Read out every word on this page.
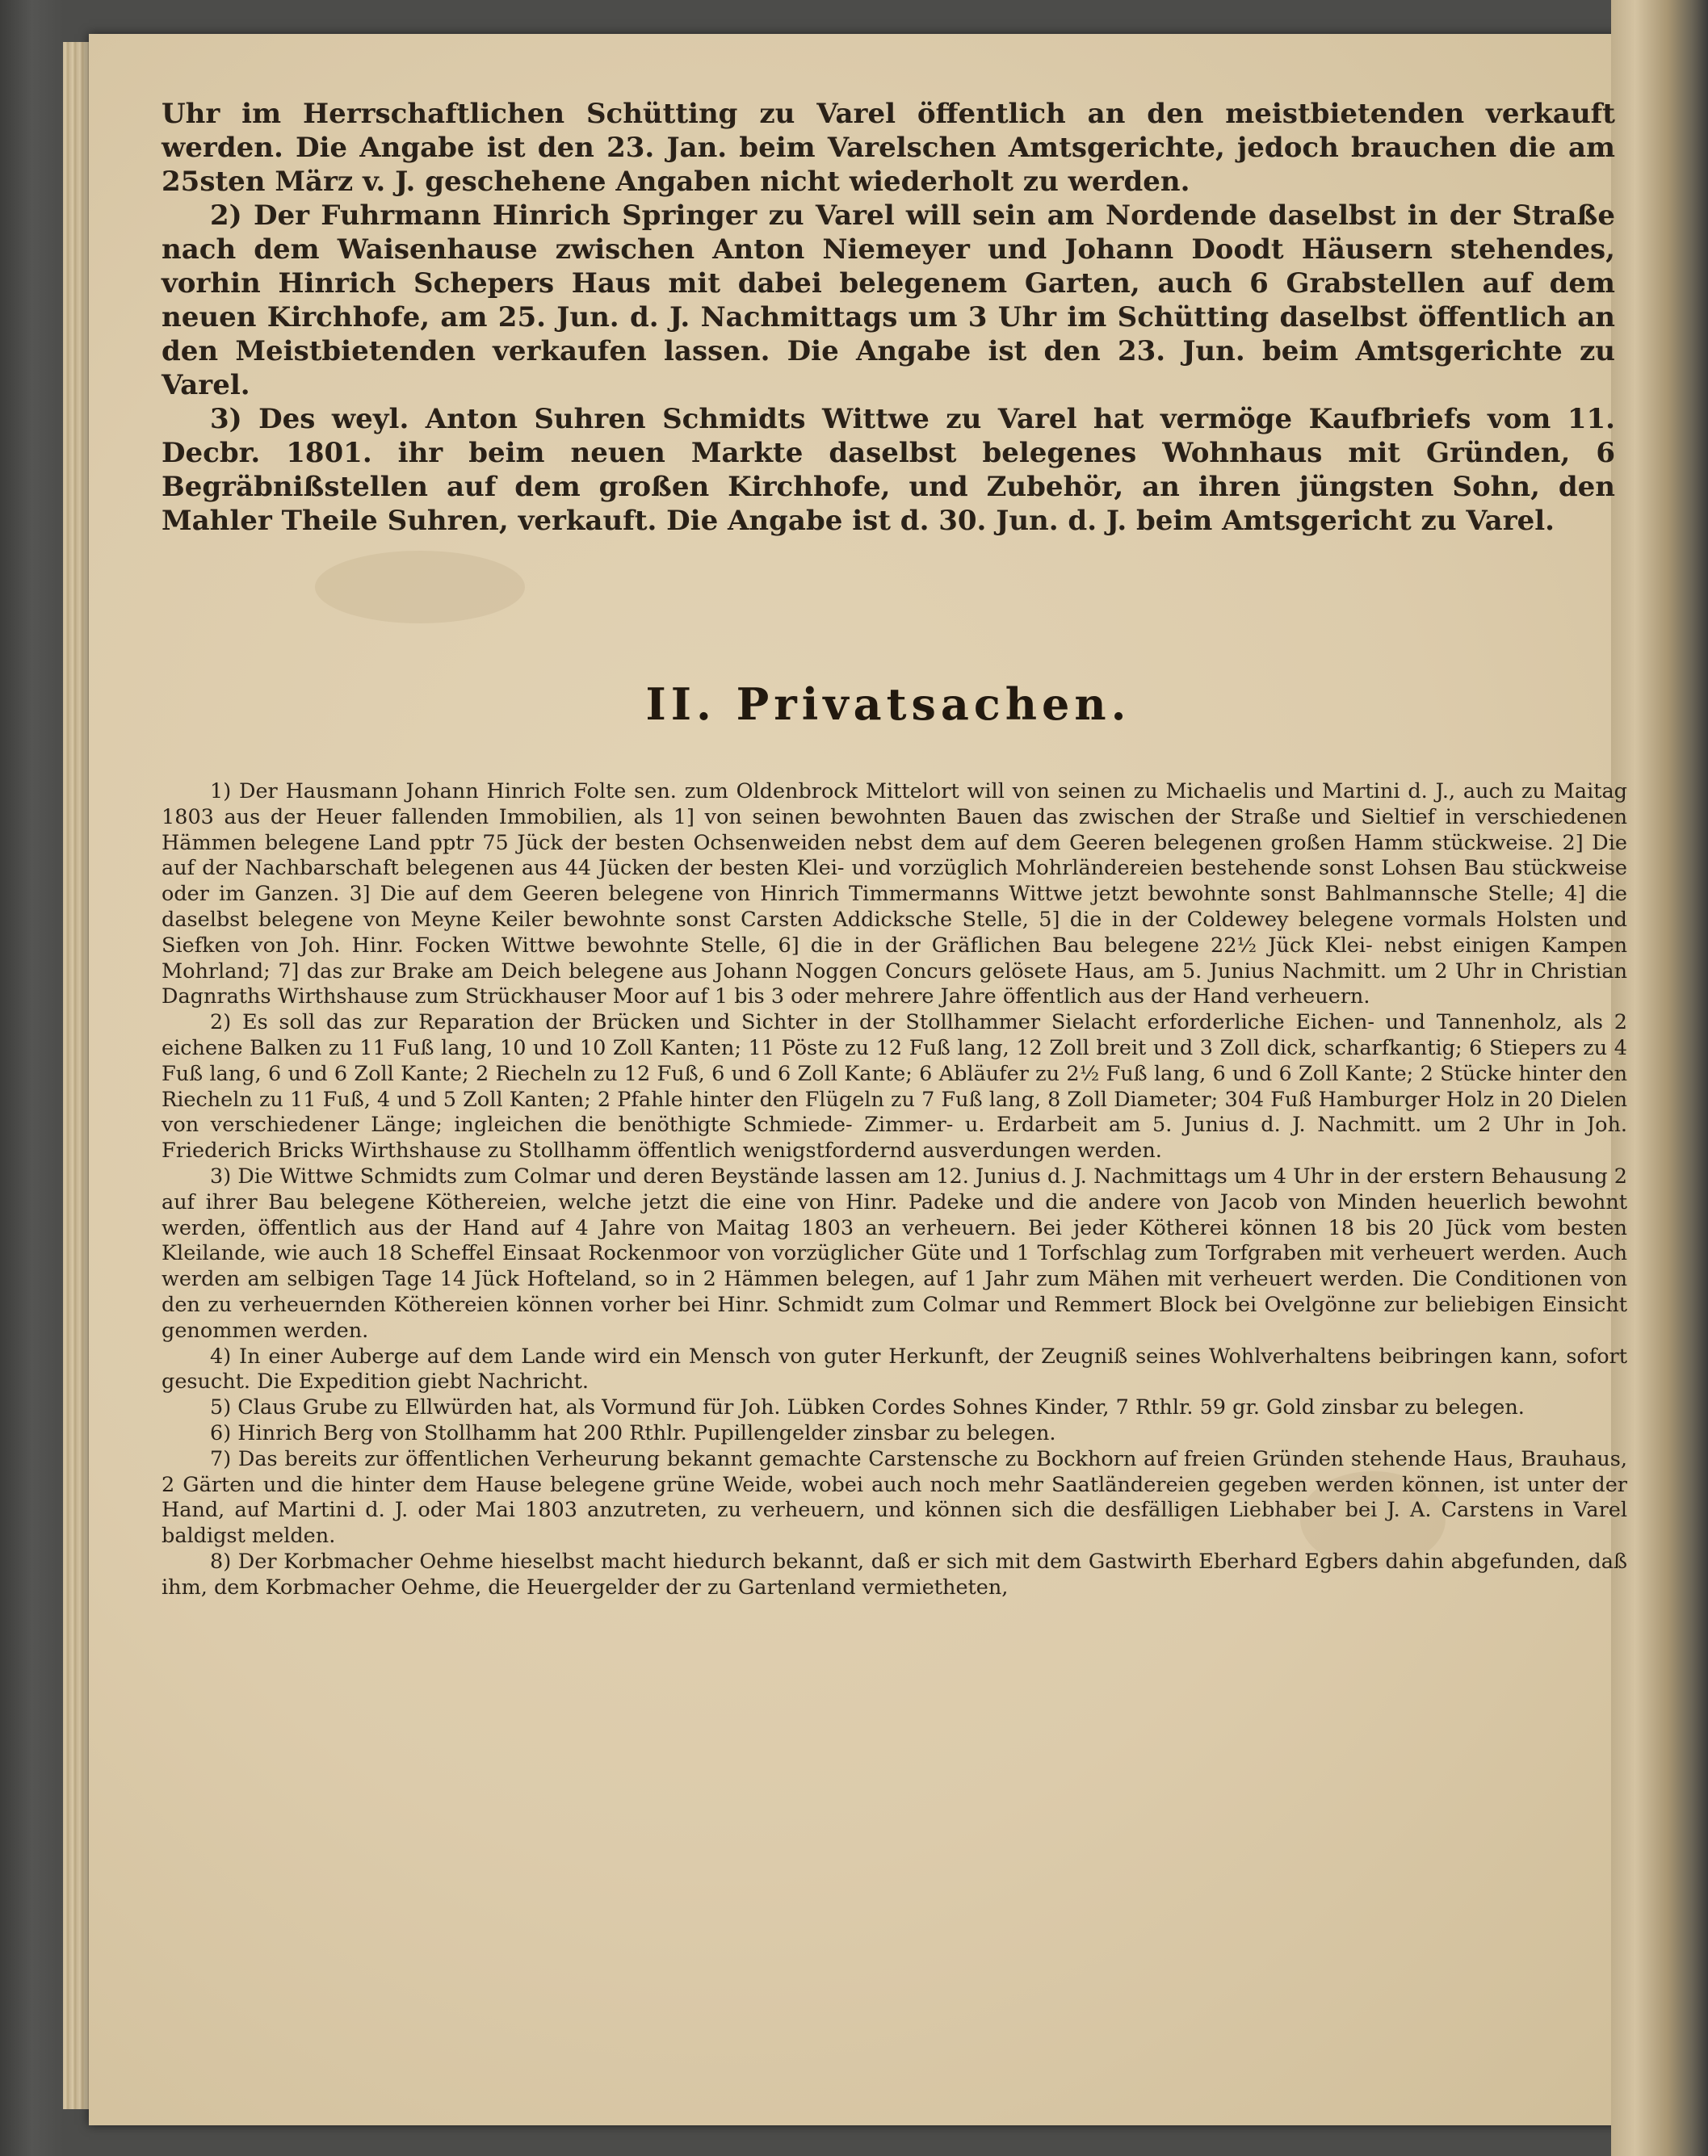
Uhr im Herrschaftlichen Schütting zu Varel öffentlich an den meistbietenden verkauft werden. Die Angabe ist den 23. Jan. beim Varelschen Amtsgerichte, jedoch brauchen die am 25sten März v. J. geschehene Angaben nicht wiederholt zu werden.

2) Der Fuhrmann Hinrich Springer zu Varel will sein am Nordende daselbst in der Straße nach dem Waisenhause zwischen Anton Niemeyer und Johann Doodt Häusern stehendes, vorhin Hinrich Schepers Haus mit dabei belegenem Garten, auch 6 Grabstellen auf dem neuen Kirchhofe, am 25. Jun. d. J. Nachmittags um 3 Uhr im Schütting daselbst öffentlich an den Meistbietenden verkaufen lassen. Die Angabe ist den 23. Jun. beim Amtsgerichte zu Varel.

3) Des weyl. Anton Suhren Schmidts Wittwe zu Varel hat vermöge Kaufbriefs vom 11. Decbr. 1801. ihr beim neuen Markte daselbst belegenes Wohnhaus mit Gründen, 6 Begräbnißstellen auf dem großen Kirchhofe, und Zubehör, an ihren jüngsten Sohn, den Mahler Theile Suhren, verkauft. Die Angabe ist d. 30. Jun. d. J. beim Amtsgericht zu Varel.

II. Privatsachen.

1) Der Hausmann Johann Hinrich Folte sen. zum Oldenbrock Mittelort will von seinen zu Michaelis und Martini d. J., auch zu Maitag 1803 aus der Heuer fallenden Immobilien, als 1] von seinen bewohnten Bauen das zwischen der Straße und Sieltief in verschiedenen Hämmen belegene Land pptr 75 Jück der besten Ochsenweiden nebst dem auf dem Geeren belegenen großen Hamm stückweise. 2] Die auf der Nachbarschaft belegenen aus 44 Jücken der besten Klei- und vorzüglich Mohrländereien bestehende sonst Lohsen Bau stückweise oder im Ganzen. 3] Die auf dem Geeren belegene von Hinrich Timmermanns Wittwe jetzt bewohnte sonst Bahlmannsche Stelle; 4] die daselbst belegene von Meyne Keiler bewohnte sonst Carsten Addicksche Stelle, 5] die in der Coldewey belegene vormals Holsten und Siefken von Joh. Hinr. Focken Wittwe bewohnte Stelle, 6] die in der Gräflichen Bau belegene 22½ Jück Klei- nebst einigen Kampen Mohrland; 7] das zur Brake am Deich belegene aus Johann Noggen Concurs gelösete Haus, am 5. Junius Nachmitt. um 2 Uhr in Christian Dagnraths Wirthshause zum Strückhauser Moor auf 1 bis 3 oder mehrere Jahre öffentlich aus der Hand verheuern.

2) Es soll das zur Reparation der Brücken und Sichter in der Stollhammer Sielacht erforderliche Eichen- und Tannenholz, als 2 eichene Balken zu 11 Fuß lang, 10 und 10 Zoll Kanten; 11 Pöste zu 12 Fuß lang, 12 Zoll breit und 3 Zoll dick, scharfkantig; 6 Stiepers zu 4 Fuß lang, 6 und 6 Zoll Kante; 2 Riecheln zu 12 Fuß, 6 und 6 Zoll Kante; 6 Abläufer zu 2½ Fuß lang, 6 und 6 Zoll Kante; 2 Stücke hinter den Riecheln zu 11 Fuß, 4 und 5 Zoll Kanten; 2 Pfahle hinter den Flügeln zu 7 Fuß lang, 8 Zoll Diameter; 304 Fuß Hamburger Holz in 20 Dielen von verschiedener Länge; ingleichen die benöthigte Schmiede- Zimmer- u. Erdarbeit am 5. Junius d. J. Nachmitt. um 2 Uhr in Joh. Friederich Bricks Wirthshause zu Stollhamm öffentlich wenigstfordernd ausverdungen werden.

3) Die Wittwe Schmidts zum Colmar und deren Beystände lassen am 12. Junius d. J. Nachmittags um 4 Uhr in der erstern Behausung 2 auf ihrer Bau belegene Köthereien, welche jetzt die eine von Hinr. Padeke und die andere von Jacob von Minden heuerlich bewohnt werden, öffentlich aus der Hand auf 4 Jahre von Maitag 1803 an verheuern. Bei jeder Kötherei können 18 bis 20 Jück vom besten Kleilande, wie auch 18 Scheffel Einsaat Rockenmoor von vorzüglicher Güte und 1 Torfschlag zum Torfgraben mit verheuert werden. Auch werden am selbigen Tage 14 Jück Hofteland, so in 2 Hämmen belegen, auf 1 Jahr zum Mähen mit verheuert werden. Die Conditionen von den zu verheuernden Köthereien können vorher bei Hinr. Schmidt zum Colmar und Remmert Block bei Ovelgönne zur beliebigen Einsicht genommen werden.

4) In einer Auberge auf dem Lande wird ein Mensch von guter Herkunft, der Zeugniß seines Wohlverhaltens beibringen kann, sofort gesucht. Die Expedition giebt Nachricht.

5) Claus Grube zu Ellwürden hat, als Vormund für Joh. Lübken Cordes Sohnes Kinder, 7 Rthlr. 59 gr. Gold zinsbar zu belegen.

6) Hinrich Berg von Stollhamm hat 200 Rthlr. Pupillengelder zinsbar zu belegen.

7) Das bereits zur öffentlichen Verheurung bekannt gemachte Carstensche zu Bockhorn auf freien Gründen stehende Haus, Brauhaus, 2 Gärten und die hinter dem Hause belegene grüne Weide, wobei auch noch mehr Saatländereien gegeben werden können, ist unter der Hand, auf Martini d. J. oder Mai 1803 anzutreten, zu verheuern, und können sich die desfälligen Liebhaber bei J. A. Carstens in Varel baldigst melden.

8) Der Korbmacher Oehme hieselbst macht hiedurch bekannt, daß er sich mit dem Gastwirth Eberhard Egbers dahin abgefunden, daß ihm, dem Korbmacher Oehme, die Heuergelder der zu Gartenland vermietheten,
